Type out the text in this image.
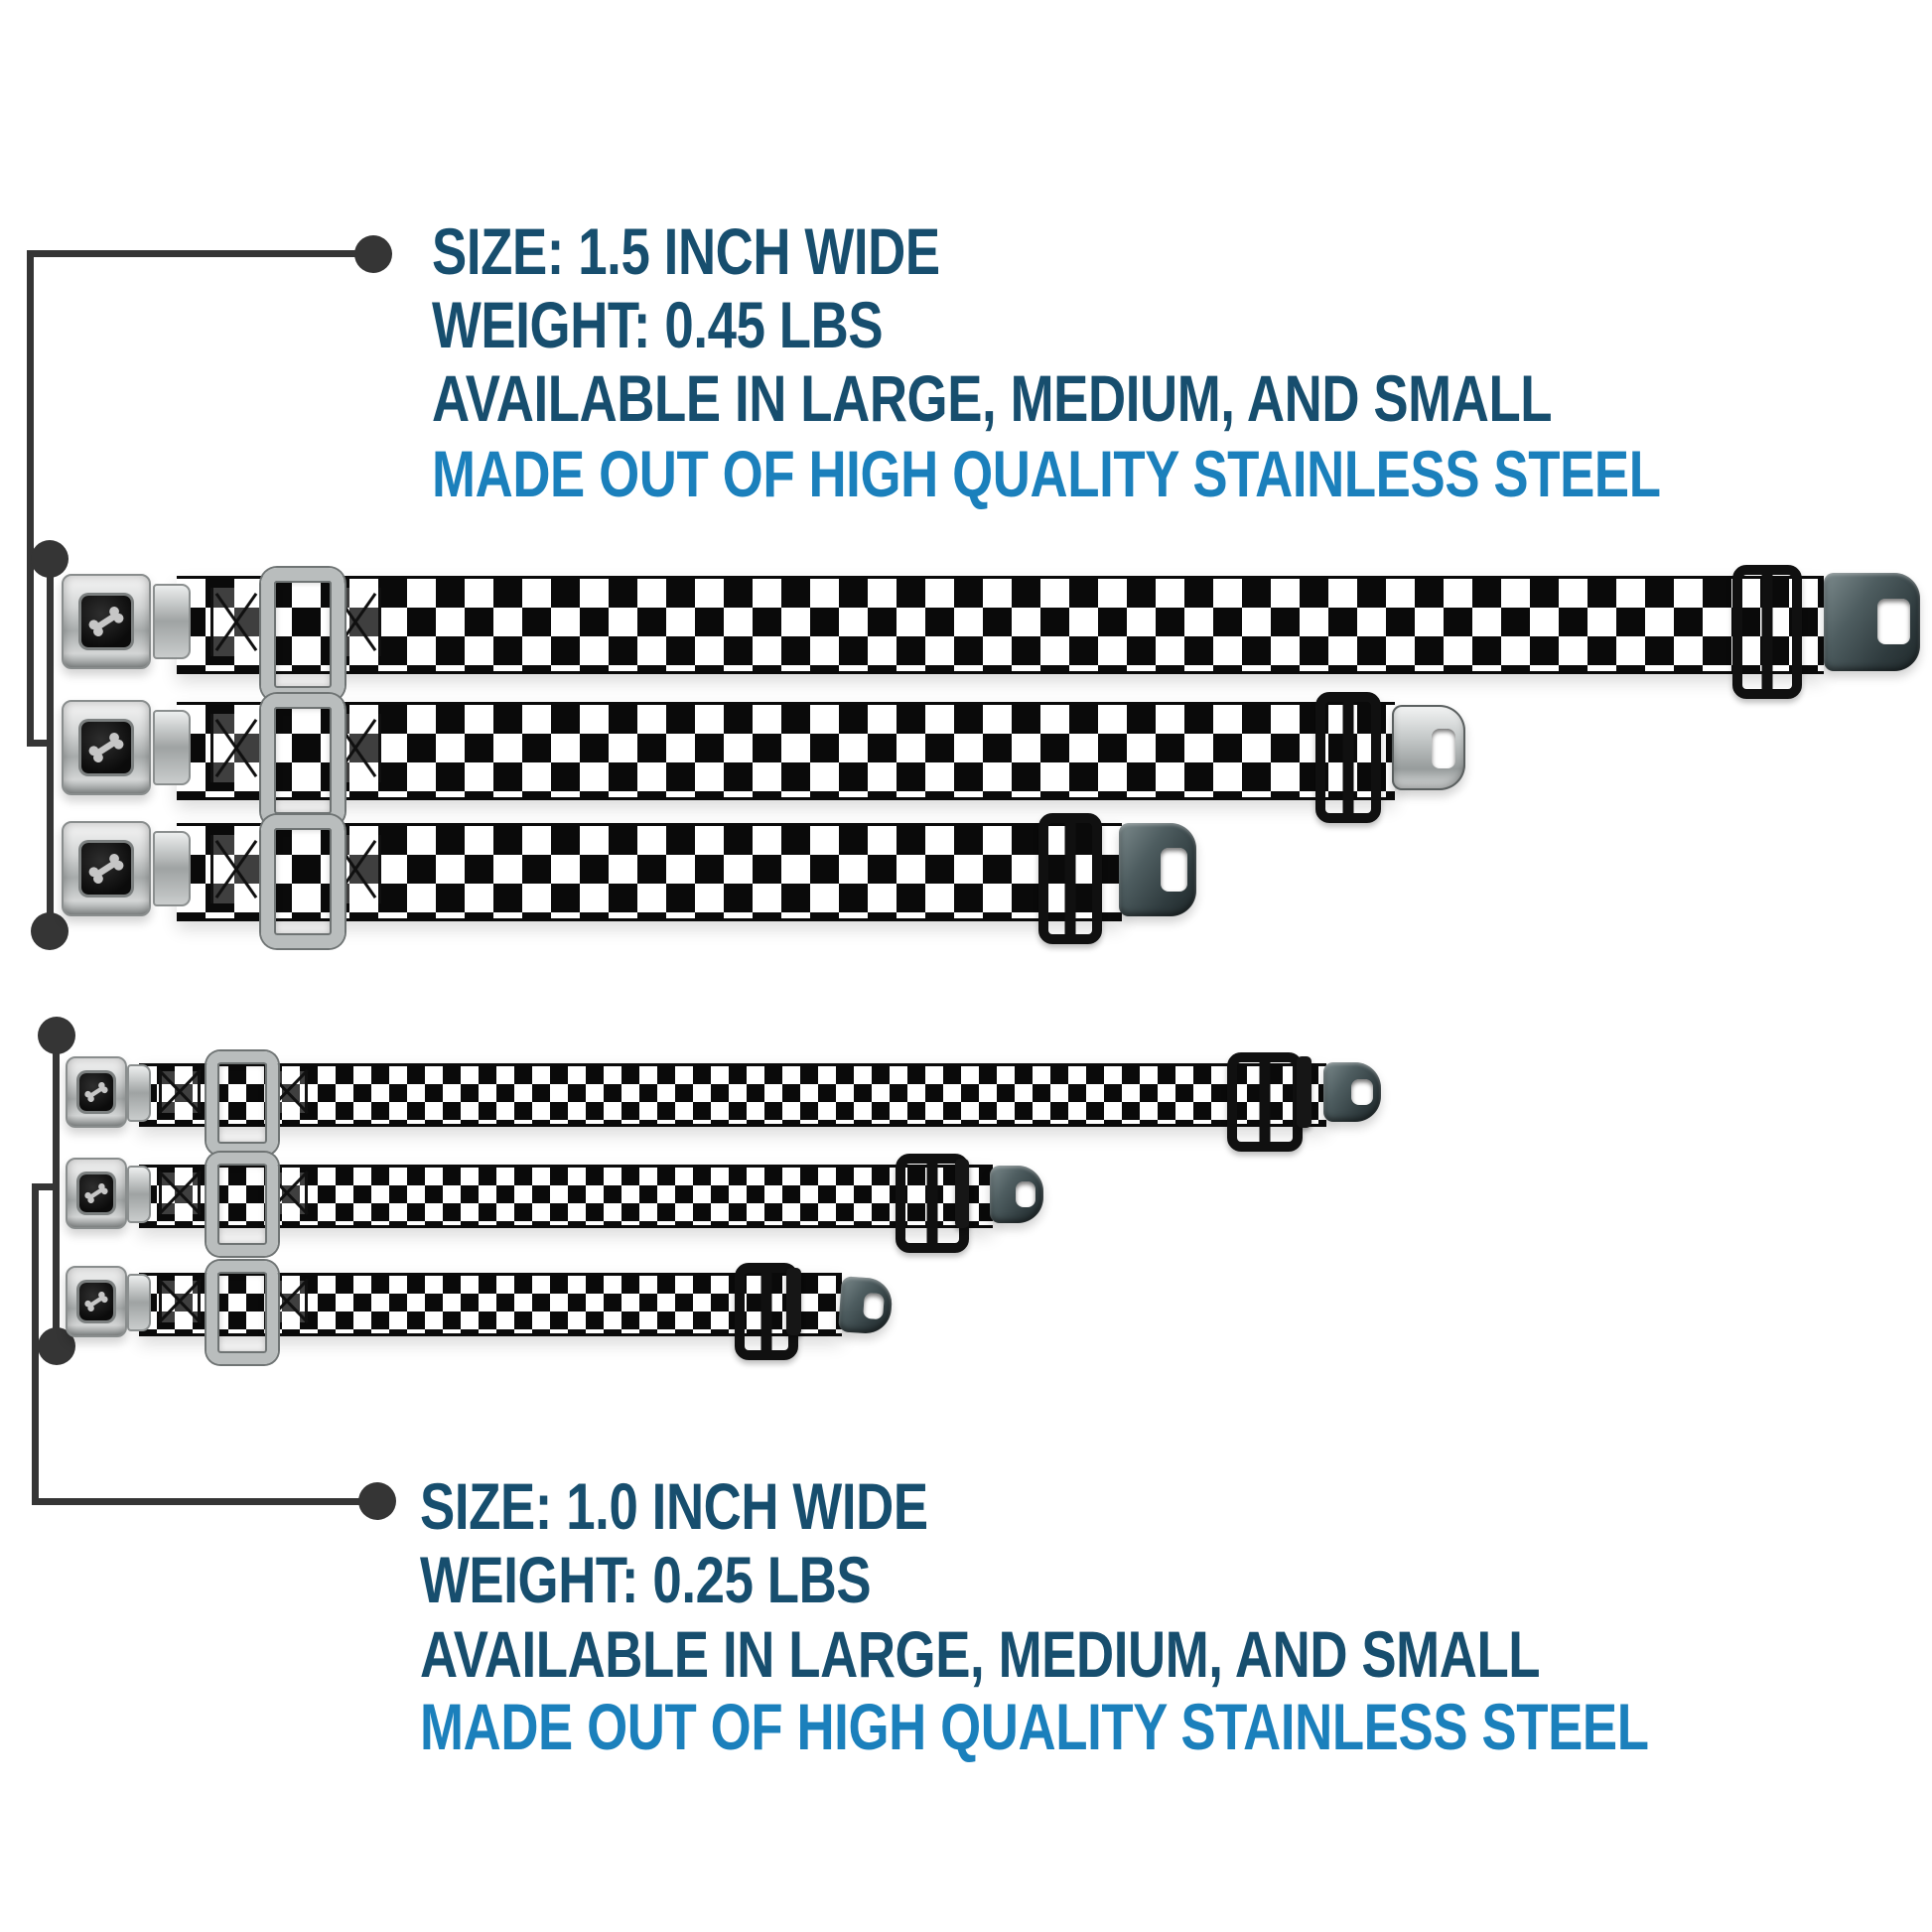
SIZE: 1.5 INCH WIDE
WEIGHT: 0.45 LBS
AVAILABLE IN LARGE, MEDIUM, AND SMALL
MADE OUT OF HIGH QUALITY STAINLESS STEEL
SIZE: 1.0 INCH WIDE
WEIGHT: 0.25 LBS
AVAILABLE IN LARGE, MEDIUM, AND SMALL
MADE OUT OF HIGH QUALITY STAINLESS STEEL
